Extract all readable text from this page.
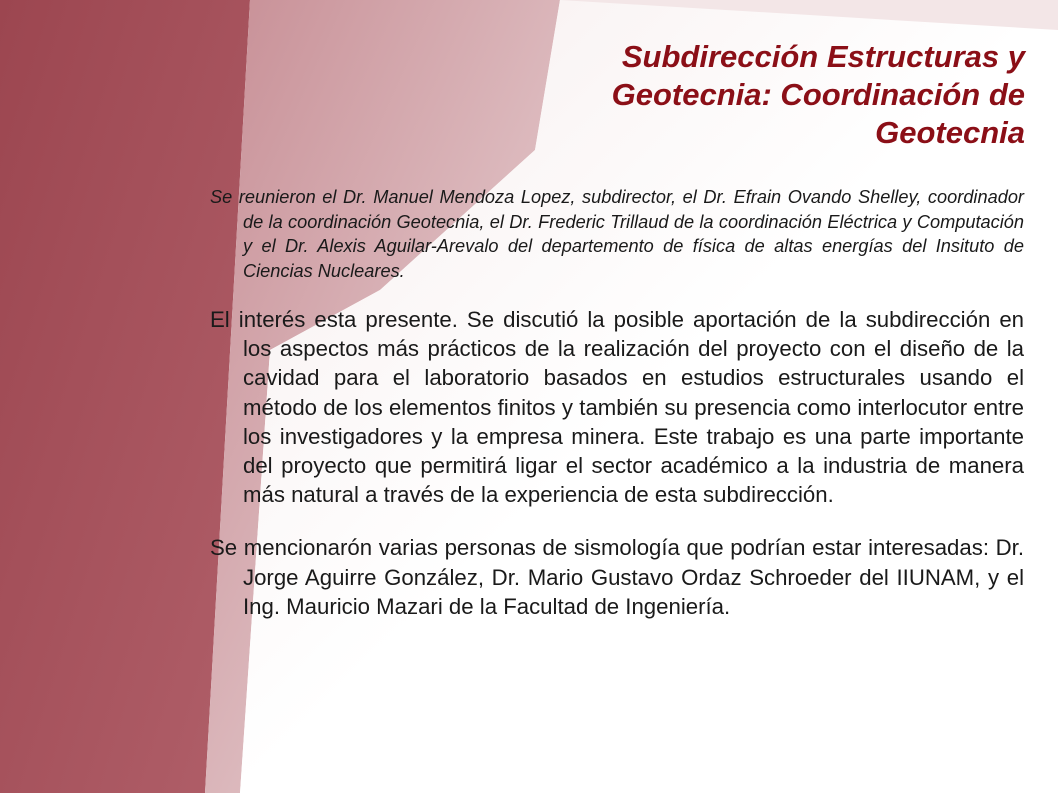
Subdirección Estructuras y Geotecnia: Coordinación de Geotecnia

Se reunieron el Dr. Manuel Mendoza Lopez, subdirector, el Dr. Efrain Ovando Shelley, coordinador de la coordinación Geotecnia, el Dr. Frederic Trillaud de la coordinación Eléctrica y Computación y el Dr. Alexis Aguilar-Arevalo del departemento de física de altas energías del Insituto de Ciencias Nucleares.

El interés esta presente. Se discutió la posible aportación de la subdirección en los aspectos más prácticos de la realización del proyecto con el diseño de la cavidad para el laboratorio basados en estudios estructurales usando el método de los elementos finitos y también su presencia como interlocutor entre los investigadores y la empresa minera. Este trabajo es una parte importante del proyecto que permitirá ligar el sector académico a la industria de manera más natural a través de la experiencia de esta subdirección.

Se mencionarón varias personas de sismología que podrían estar interesadas: Dr. Jorge Aguirre González, Dr. Mario Gustavo Ordaz Schroeder del IIUNAM, y el Ing. Mauricio Mazari de la Facultad de Ingeniería.
